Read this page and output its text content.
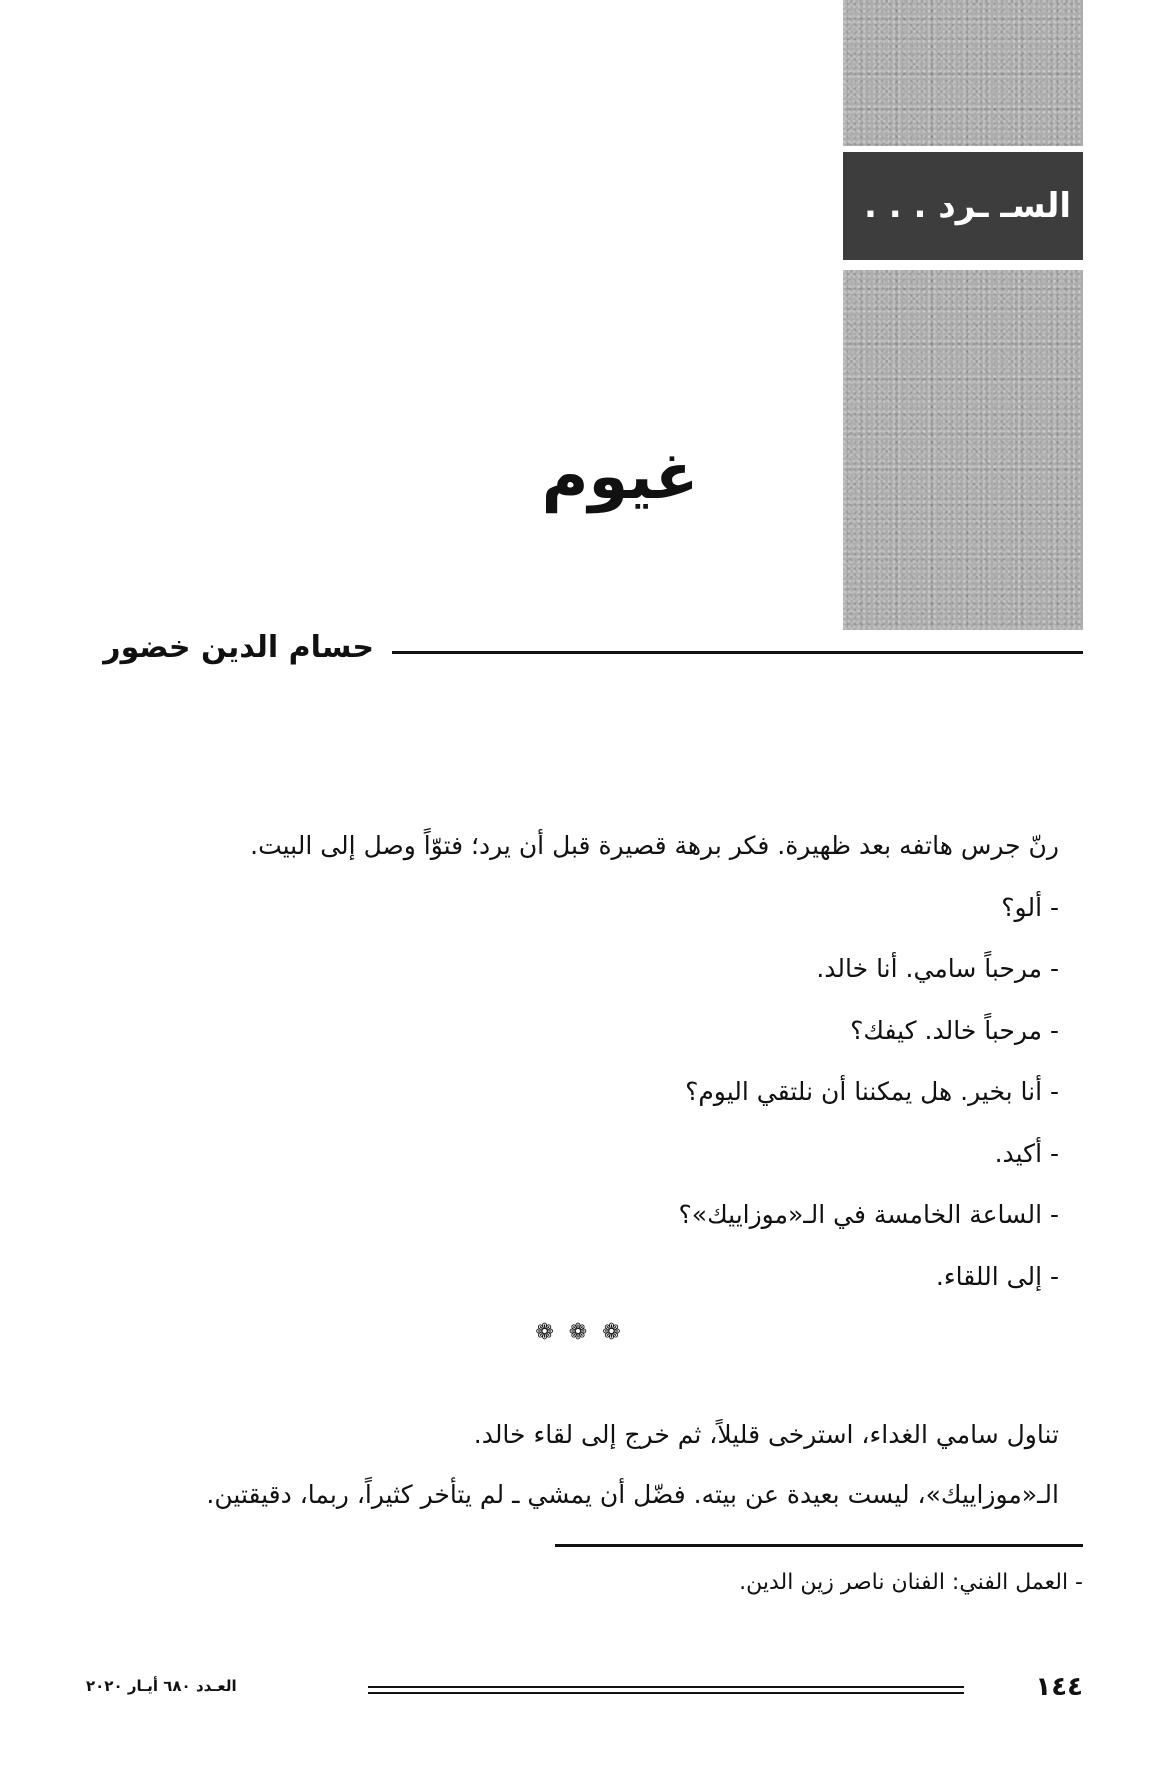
السـ ـرد . . .
غيوم
حسام الدين خضور
رنّ جرس هاتفه بعد ظهيرة. فكر برهة قصيرة قبل أن يرد؛ فتوّاً وصل إلى البيت.
- ألو؟
- مرحباً سامي. أنا خالد.
- مرحباً خالد. كيفك؟
- أنا بخير. هل يمكننا أن نلتقي اليوم؟
- أكيد.
- الساعة الخامسة في الـ«موزاييك»؟
- إلى اللقاء.
❁ ❁ ❁
تناول سامي الغداء، استرخى قليلاً، ثم خرج إلى لقاء خالد.
الـ«موزاييك»، ليست بعيدة عن بيته. فضّل أن يمشي ـ لم يتأخر كثيراً، ربما، دقيقتين.
- العمل الفني: الفنان ناصر زين الدين.
١٤٤
العـدد ٦٨٠ أيـار ٢٠٢٠
